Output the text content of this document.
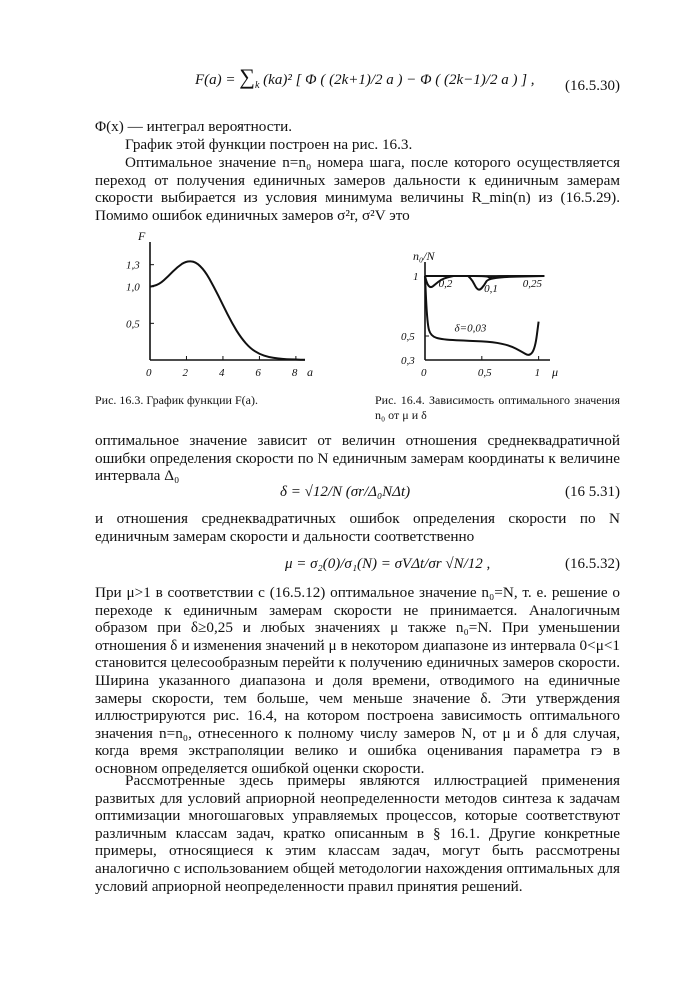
$F(a) = \sum_k$ (ka)² [ Φ ( (2k+1)/2 a ) − Φ ( (2k−1)/2 a ) ] , (16.5.30)
Φ(x) — интеграл вероятности.
График этой функции построен на рис. 16.3.
Оптимальное значение n=n₀ номера шага, после которого осуществляется переход от получения единичных замеров дальности к единичным замерам скорости выбирается из условия минимума величины R_min(n) из (16.5.29). Помимо ошибок единичных замеров σ²r, σ²V это
F
a
0	2	4	6	8
0,5
1,0
1,3
Рис. 16.3. График функции F(a).
n₀/N
μ
0	0,5	1
1
0,5
0,3
0,25
0,1
0,2
δ=0,03
Рис. 16.4. Зависимость оптимального значения n₀ от μ и δ
оптимальное значение зависит от величин отношения среднеквадратичной ошибки определения скорости по N единичным замерам координаты к величине интервала Δ₀
δ = √12/N (σr/Δ₀NΔt)	(16 5.31)
и отношения среднеквадратичных ошибок определения скорости по N единичным замерам скорости и дальности соответственно
μ = σ₂(0)/σ₁(N) = σVΔt/σr √N/12 ,	(16.5.32)
При μ>1 в соответствии с (16.5.12) оптимальное значение n₀=N, т. е. решение о переходе к единичным замерам скорости не принимается. Аналогичным образом при δ≥0,25 и любых значениях μ также n₀=N. При уменьшении отношения δ и изменения значений μ в некотором диапазоне из интервала 0<μ<1 становится целесообразным перейти к получению единичных замеров скорости. Ширина указанного диапазона и доля времени, отводимого на единичные замеры скорости, тем больше, чем меньше значение δ. Эти утверждения иллюстрируются рис. 16.4, на котором построена зависимость оптимального значения n=n₀, отнесенного к полному числу замеров N, от μ и δ для случая, когда время экстраполяции велико и ошибка оценивания параметра rэ в основном определяется ошибкой оценки скорости.
Рассмотренные здесь примеры являются иллюстрацией применения развитых для условий априорной неопределенности методов синтеза к задачам оптимизации многошаговых управляемых процессов, которые соответствуют различным классам задач, кратко описанным в § 16.1. Другие конкретные примеры, относящиеся к этим классам задач, могут быть рассмотрены аналогично с использованием общей методологии нахождения оптимальных для условий априорной неопределенности правил принятия решений.
